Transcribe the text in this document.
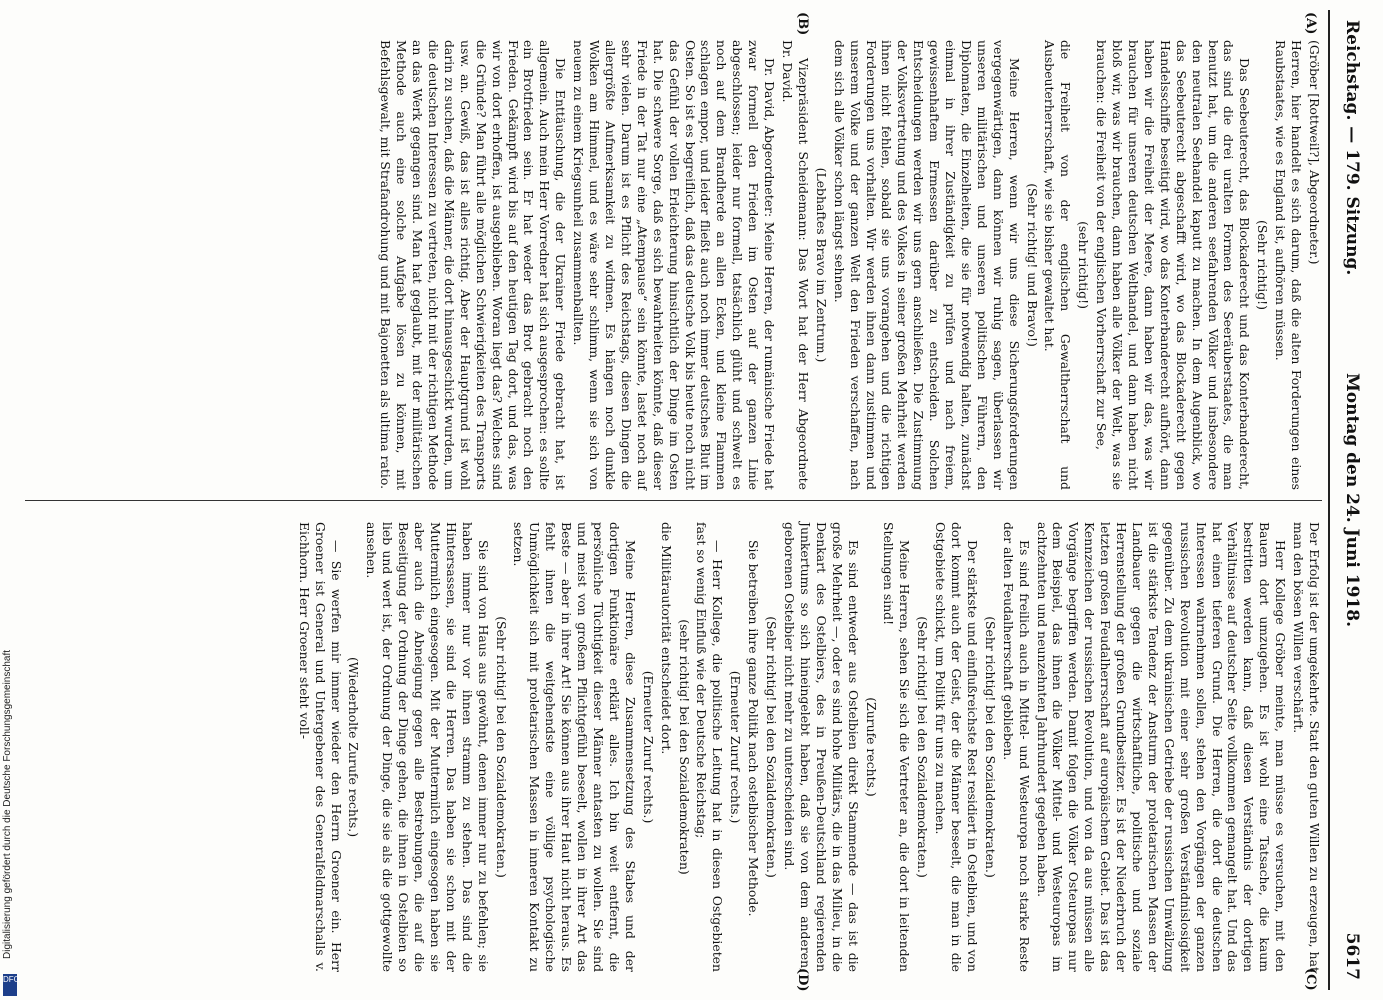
Digitalisierung gefördert durch die Deutsche Forschungsgemeinschaft
DFG
Reichstag. — 179. Sitzung.
Montag den 24. Juni 1918.
5617
(A)
(B)
(C)
(D)

(Gröber [Rottweil?], Abgeordneter.)

Herren, hier handelt es sich darum, daß die alten Forderungen eines Raubstaates, wie es England ist, aufhören müssen.

(Sehr richtig!)

Das Seebeuterecht, das Blockaderecht und das Konterbanderecht, das sind die drei uralten Formen des Seeräuberstaates, die man benutzt hat, um die anderen seefahrenden Völker und insbesondere den neutralen Seehandel kaputt zu machen. In dem Augenblick, wo das Seebeuterecht abgeschafft wird, wo das Blockaderecht gegen Handelsschiffe beseitigt wird, wo das Konterbanderecht aufhört, dann haben wir die Freiheit der Meere, dann haben wir das, was wir brauchen für unseren deutschen Welthandel, und dann haben nicht bloß wir, was wir brauchen, dann haben alle Völker der Welt, was sie brauchen: die Freiheit von der englischen Vorherrschaft zur See,

(sehr richtig!)

die Freiheit von der englischen Gewaltherrschaft und Ausbeuterherrschaft, wie sie bisher gewaltet hat.

(Sehr richtig! und Bravo!)

Meine Herren, wenn wir uns diese Sicherungsforderungen vergegenwärtigen, dann können wir ruhig sagen, überlassen wir unseren militärischen und unseren politischen Führern, den Diplomaten, die Einzelheiten, die sie für notwendig halten, zunächst einmal in ihrer Zuständigkeit zu prüfen und nach freiem, gewissenhaftem Ermessen darüber zu entscheiden. Solchen Entscheidungen werden wir uns gern anschließen. Die Zustimmung der Volksvertretung und des Volkes in seiner großen Mehrheit werden ihnen nicht fehlen, sobald sie uns vorangehen und die richtigen Forderungen uns vorhalten. Wir werden ihnen dann zustimmen und unserem Volke und der ganzen Welt den Frieden verschaffen, nach dem sich alle Völker schon längst sehnen.

(Lebhaftes Bravo im Zentrum.)

Vizepräsident Scheidemann: Das Wort hat der Herr Abgeordnete Dr. David.

Dr. David, Abgeordneter: Meine Herren, der rumänische Friede hat zwar formell den Frieden im Osten auf der ganzen Linie abgeschlossen; leider nur formell, tatsächlich glüht und schwelt es noch auf dem Brandherde an allen Ecken, und kleine Flammen schlagen empor, und leider fließt auch noch immer deutsches Blut im Osten. So ist es begreiflich, daß das deutsche Volk bis heute noch nicht das Gefühl der vollen Erleichterung hinsichtlich der Dinge im Osten hat. Die schwere Sorge, daß es sich bewahrheiten könnte, daß dieser Friede in der Tat nur eine „Atempause“ sein könnte, lastet noch auf sehr vielen. Darum ist es Pflicht des Reichstags, diesen Dingen die allergrößte Aufmerksamkeit zu widmen. Es hängen noch dunkle Wolken am Himmel, und es wäre sehr schlimm, wenn sie sich von neuem zu einem Kriegsunheil zusammenballten.

Die Enttäuschung, die der Ukrainer Friede gebracht hat, ist allgemein. Auch mein Herr Vorredner hat sich ausgesprochen: es sollte ein Brotfrieden sein. Er hat weder das Brot gebracht noch den Frieden. Gekämpft wird bis auf den heutigen Tag dort, und das, was wir von dort erhoffen, ist ausgeblieben. Woran liegt das? Welches sind die Gründe? Man führt alle möglichen Schwierigkeiten des Transports usw. an. Gewiß, das ist alles richtig. Aber der Hauptgrund ist wohl darin zu suchen, daß die Männer, die dort hinausgeschickt wurden, um die deutschen Interessen zu vertreten, nicht mit der richtigen Methode an das Werk gegangen sind. Man hat geglaubt, mit der militärischen Methode auch eine solche Aufgabe lösen zu können, mit Befehlsgewalt, mit Strafandrohung und mit Bajonetten als ultima ratio.

Der Erfolg ist der umgekehrte. Statt den guten Willen zu erzeugen, hat man den bösen Willen verschärft.

Herr Kollege Gröber meinte, man müsse es versuchen, mit den Bauern dort umzugehen. Es ist wohl eine Tatsache, die kaum bestritten werden kann, daß diesen Verständnis der dortigen Verhältnisse auf deutscher Seite vollkommen gemangelt hat. Und das hat einen tieferen Grund. Die Herren, die dort die deutschen Interessen wahrnehmen sollen, stehen den Vorgängen der ganzen russischen Revolution mit einer sehr großen Verständnislosigkeit gegenüber. Zu dem ukrainischen Getriebe der russischen Umwälzung ist die stärkste Tendenz der Ansturm der proletarischen Massen der Landbauer gegen die wirtschaftliche, politische und soziale Herrenstellung der großen Grundbesitzer. Es ist der Niederbruch der letzten großen Feudalherrschaft auf europäischem Gebiet. Das ist das Kennzeichen der russischen Revolution, und von da aus müssen alle Vorgänge begriffen werden. Damit folgen die Völker Osteuropas nur dem Beispiel, das ihnen die Völker Mittel- und Westeuropas im achtzehnten und neunzehnten Jahrhundert gegeben haben.

Es sind freilich auch in Mittel- und Westeuropa noch starke Reste der alten Feudalherrschaft geblieben.

(Sehr richtig! bei den Sozialdemokraten.)

Der stärkste und einflußreichste Rest residiert in Ostelbien, und von dort kommt auch der Geist, der die Männer beseelt, die man in die Ostgebiete schickt, um Politik für uns zu machen.

(Sehr richtig! bei den Sozialdemokraten.)

Meine Herren, sehen Sie sich die Vertreter an, die dort in leitenden Stellungen sind!

(Zurufe rechts.)

Es sind entweder aus Ostelbien direkt Stammende — das ist die große Mehrheit —, oder es sind hohe Militärs, die in das Milieu, in die Denkart des Ostelbiers, des in Preußen-Deutschland regierenden Junkertums so sich hineingelebt haben, daß sie von dem anderen, geborenen Ostelbier nicht mehr zu unterscheiden sind.

(Sehr richtig! bei den Sozialdemokraten.)

Sie betreiben ihre ganze Politik nach ostelbischer Methode.

(Erneuter Zuruf rechts.)

— Herr Kollege, die politische Leitung hat in diesen Ostgebieten fast so wenig Einfluß wie der Deutsche Reichstag;

(sehr richtig! bei den Sozialdemokraten)

die Militärautorität entscheidet dort.

(Erneuter Zuruf rechts.)

Meine Herren, diese Zusammensetzung des Stabes und der dortigen Funktionäre erklärt alles. Ich bin weit entfernt, die persönliche Tüchtigkeit dieser Männer antasten zu wollen. Sie sind und meist von großem Pflichtgefühl beseelt, wollen in ihrer Art das Beste — aber in ihrer Art! Sie können aus ihrer Haut nicht heraus. Es fehlt ihnen die weitgehendste eine völlige psychologische Unmöglichkeit sich mit proletarischen Massen in inneren Kontakt zu setzen.

(Sehr richtig! bei den Sozialdemokraten.)

Sie sind von Haus aus gewöhnt, denen immer nur zu befehlen; sie haben immer nur vor ihnen stramm zu stehen. Das sind die Hintersassen, sie sind die Herren. Das haben sie schon mit der Muttermilch eingesogen. Mit der Muttermilch eingesogen haben sie aber auch die Abneigung gegen alle Bestrebungen, die auf die Beseitigung der Ordnung der Dinge gehen, die ihnen in Ostelbien so lieb und wert ist, der Ordnung der Dinge, die sie als die gottgewollte ansehen.

(Wiederholte Zurufe rechts.)

— Sie werfen mir immer wieder den Herrn Groener ein. Herr Groener ist General und Untergebener des Generalfeldmarschalls v. Eichhorn. Herr Groener steht voll-
